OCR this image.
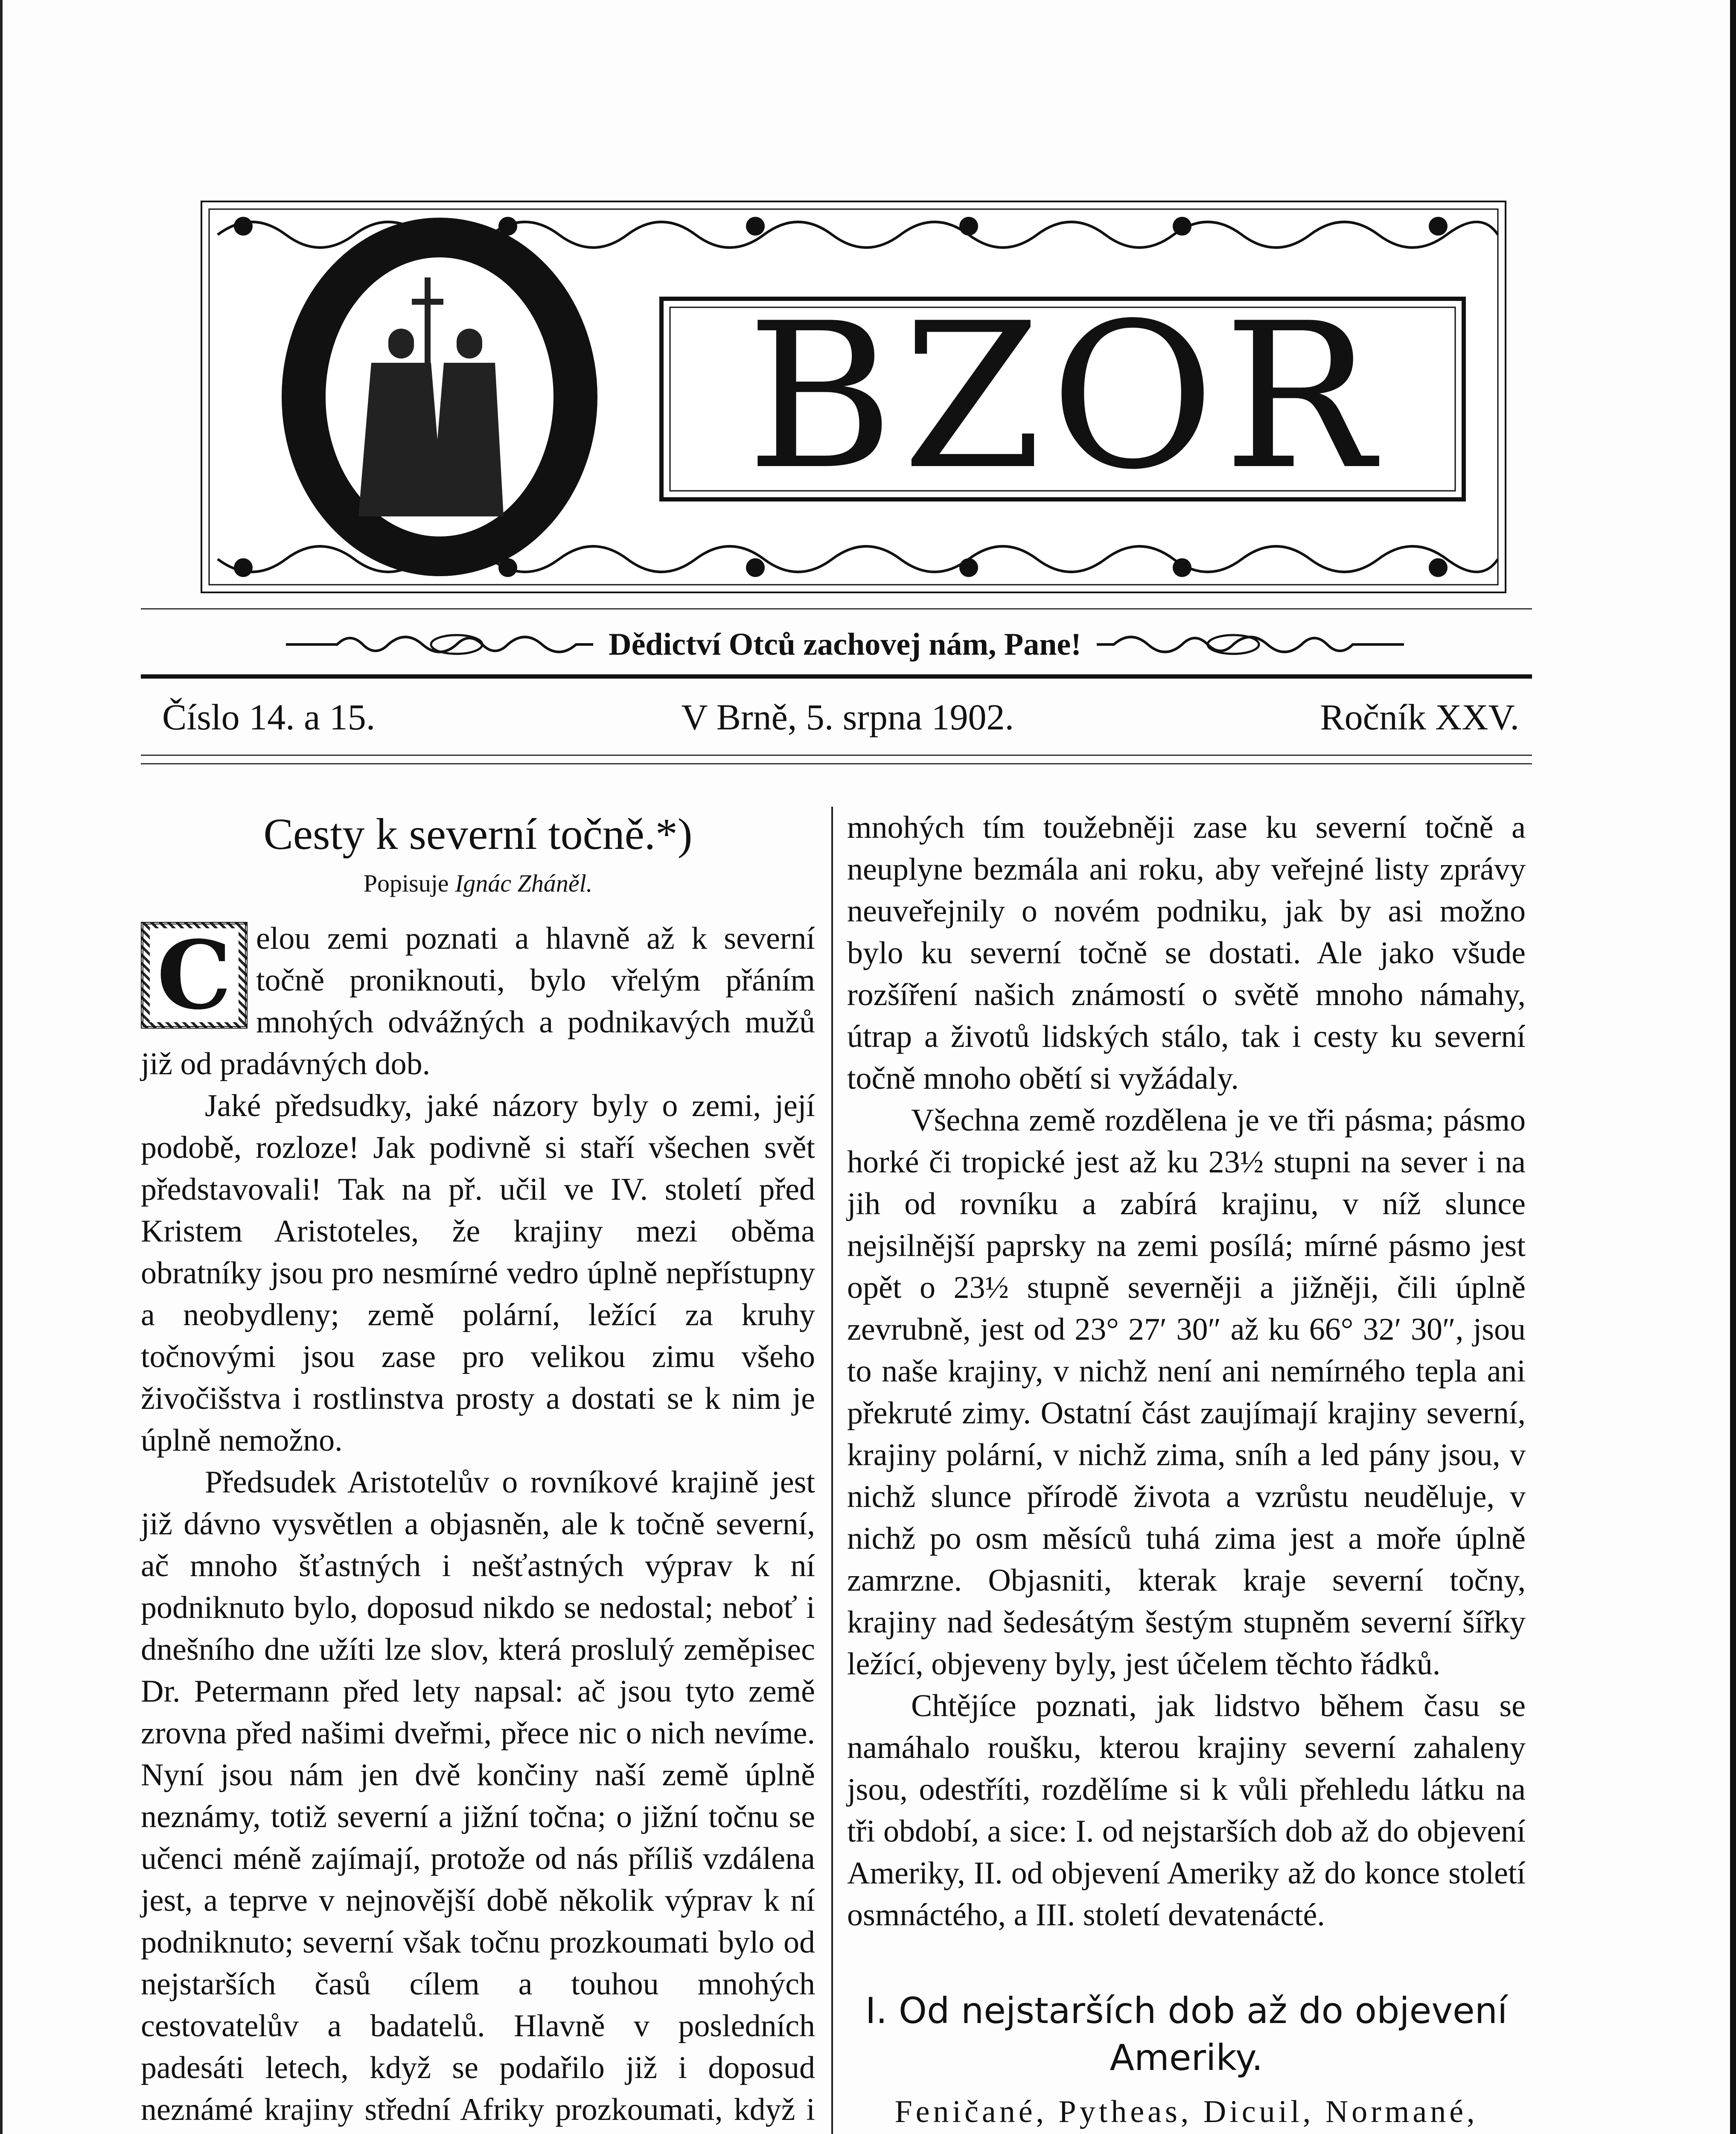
BZOR
Dědictví Otců zachovej nám, Pane!
Číslo 14. a 15.	V Brně, 5. srpna 1902.	Ročník XXV.
Cesty k severní točně.*)
Popisuje Ignác Zháněl.

C elou zemi poznati a hlavně až k severní točně proniknouti, bylo vřelým přáním mnohých odvážných a podnikavých mužů již od pradávných dob.

Jaké předsudky, jaké názory byly o zemi, její podobě, rozloze! Jak podivně si staří všechen svět představovali! Tak na př. učil ve IV. století před Kristem Aristoteles, že krajiny mezi oběma obratníky jsou pro nesmírné vedro úplně nepřístupny a neobydleny; země polární, ležící za kruhy točnovými jsou zase pro velikou zimu všeho živočišstva i rostlinstva prosty a dostati se k nim je úplně nemožno.

Předsudek Aristotelův o rovníkové krajině jest již dávno vysvětlen a objasněn, ale k točně severní, ač mnoho šťastných i nešťastných výprav k ní podniknuto bylo, doposud nikdo se nedostal; neboť i dnešního dne užíti lze slov, která proslulý zeměpisec Dr. Petermann před lety napsal: ač jsou tyto země zrovna před našimi dveřmi, přece nic o nich nevíme. Nyní jsou nám jen dvě končiny naší země úplně neznámy, totiž severní a jižní točna; o jižní točnu se učenci méně zajímají, protože od nás příliš vzdálena jest, a teprve v nejnovější době několik výprav k ní podniknuto; severní však točnu prozkoumati bylo od nejstarších časů cílem a touhou mnohých cestovatelův a badatelů. Hlavně v posledních padesáti letech, když se podařilo již i doposud neznámé krajiny střední Afriky prozkoumati, když i

mnohých tím toužebněji zase ku severní točně a neuplyne bezmála ani roku, aby veřejné listy zprávy neuveřejnily o novém podniku, jak by asi možno bylo ku severní točně se dostati. Ale jako všude rozšíření našich známostí o světě mnoho námahy, útrap a životů lidských stálo, tak i cesty ku severní točně mnoho obětí si vyžádaly.

Všechna země rozdělena je ve tři pásma; pásmo horké či tropické jest až ku 23½ stupni na sever i na jih od rovníku a zabírá krajinu, v níž slunce nejsilnější paprsky na zemi posílá; mírné pásmo jest opět o 23½ stupně severněji a jižněji, čili úplně zevrubně, jest od 23° 27′ 30″ až ku 66° 32′ 30″, jsou to naše krajiny, v nichž není ani nemírného tepla ani překruté zimy. Ostatní část zaujímají krajiny severní, krajiny polární, v nichž zima, sníh a led pány jsou, v nichž slunce přírodě života a vzrůstu neuděluje, v nichž po osm měsíců tuhá zima jest a moře úplně zamrzne. Objasniti, kterak kraje severní točny, krajiny nad šedesátým šestým stupněm severní šířky ležící, objeveny byly, jest účelem těchto řádků.

Chtějíce poznati, jak lidstvo během času se namáhalo roušku, kterou krajiny severní zahaleny jsou, odestříti, rozdělíme si k vůli přehledu látku na tři období, a sice: I. od nejstarších dob až do objevení Ameriky, II. od objevení Ameriky až do konce století osmnáctého, a III. století devatenácté.

I. Od nejstarších dob až do objevení Ameriky.
Feničané, Pytheas, Dicuil, Normané,
